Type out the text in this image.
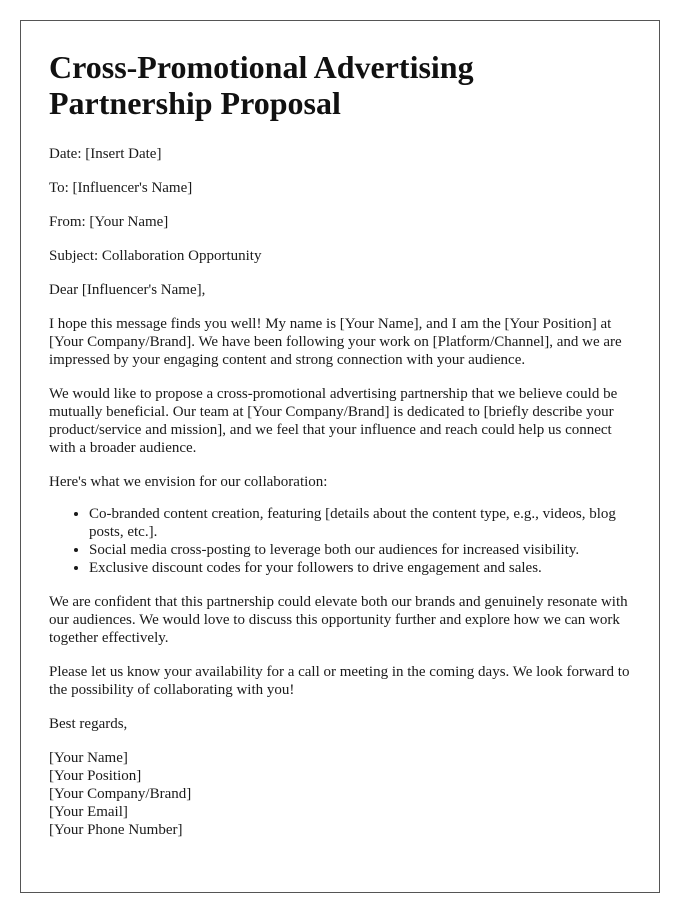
Cross-Promotional Advertising
Partnership Proposal

Date: [Insert Date]

To: [Influencer's Name]

From: [Your Name]

Subject: Collaboration Opportunity

Dear [Influencer's Name],

I hope this message finds you well! My name is [Your Name], and I am the [Your Position] at [Your Company/Brand]. We have been following your work on [Platform/Channel], and we are impressed by your engaging content and strong connection with your audience.

We would like to propose a cross-promotional advertising partnership that we believe could be mutually beneficial. Our team at [Your Company/Brand] is dedicated to [briefly describe your product/service and mission], and we feel that your influence and reach could help us connect with a broader audience.

Here's what we envision for our collaboration:

• Co-branded content creation, featuring [details about the content type, e.g., videos, blog posts, etc.].
• Social media cross-posting to leverage both our audiences for increased visibility.
• Exclusive discount codes for your followers to drive engagement and sales.

We are confident that this partnership could elevate both our brands and genuinely resonate with our audiences. We would love to discuss this opportunity further and explore how we can work together effectively.

Please let us know your availability for a call or meeting in the coming days. We look forward to the possibility of collaborating with you!

Best regards,

[Your Name]

[Your Position]

[Your Company/Brand]

[Your Email]

[Your Phone Number]
